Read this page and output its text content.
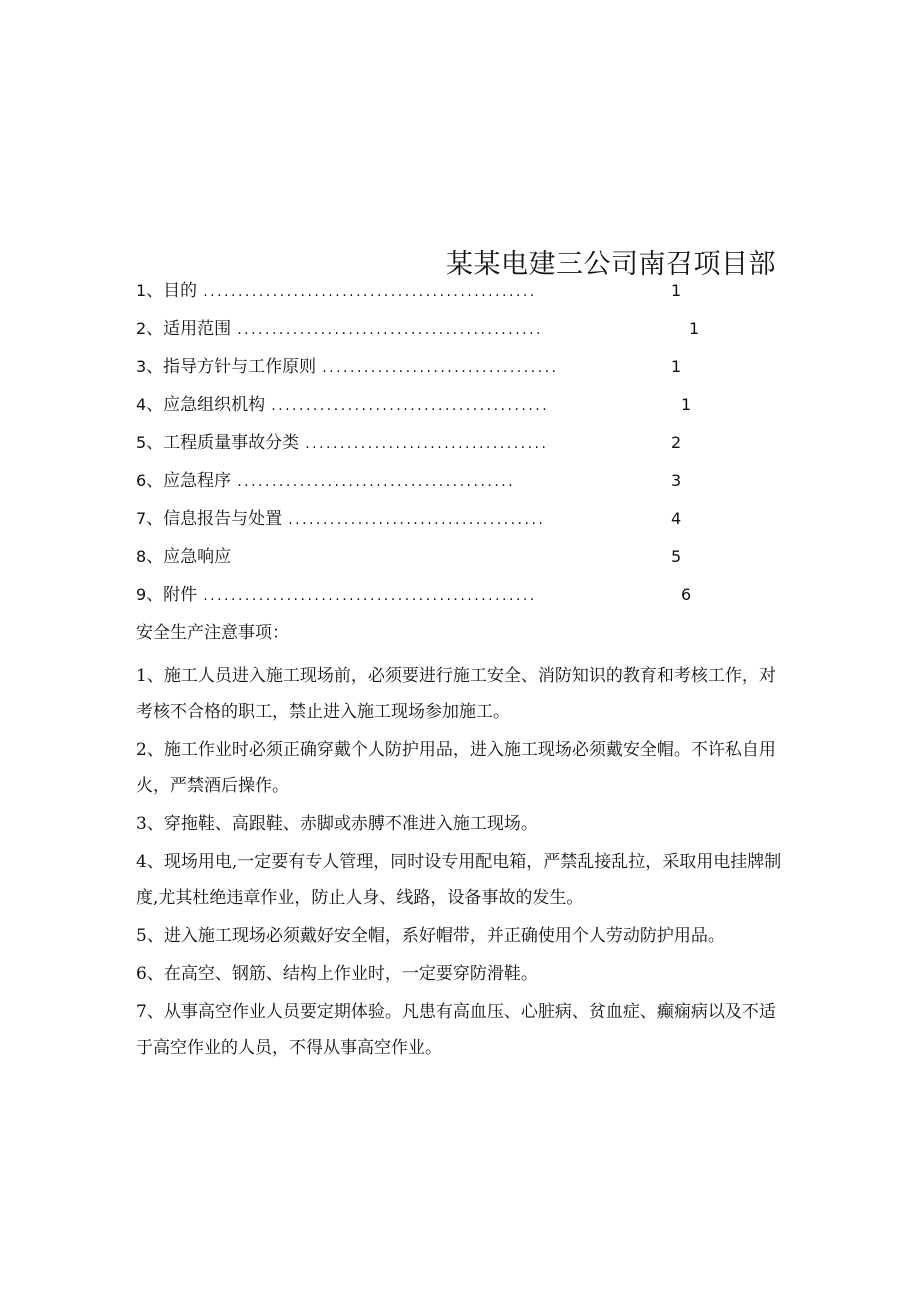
某某电建三公司南召项目部
1、目的 ................................................	1
2、适用范围 ............................................	1
3、指导方针与工作原则 ..................................	1
4、应急组织机构 ........................................	1
5、工程质量事故分类 ...................................	2
6、应急程序 ........................................	3
7、信息报告与处置 .....................................	4
8、应急响应	5
9、附件 ................................................	6
安全生产注意事项：
1、施工人员进入施工现场前，必须要进行施工安全、消防知识的教育和考核工作，对考核不合格的职工，禁止进入施工现场参加施工。
2、施工作业时必须正确穿戴个人防护用品，进入施工现场必须戴安全帽。不许私自用火，严禁酒后操作。
3、穿拖鞋、高跟鞋、赤脚或赤膊不准进入施工现场。
4、现场用电,一定要有专人管理，同时设专用配电箱，严禁乱接乱拉，采取用电挂牌制度,尤其杜绝违章作业，防止人身、线路，设备事故的发生。
5、进入施工现场必须戴好安全帽，系好帽带，并正确使用个人劳动防护用品。
6、在高空、钢筋、结构上作业时，一定要穿防滑鞋。
7、从事高空作业人员要定期体验。凡患有高血压、心脏病、贫血症、癫痫病以及不适于高空作业的人员，不得从事高空作业。
